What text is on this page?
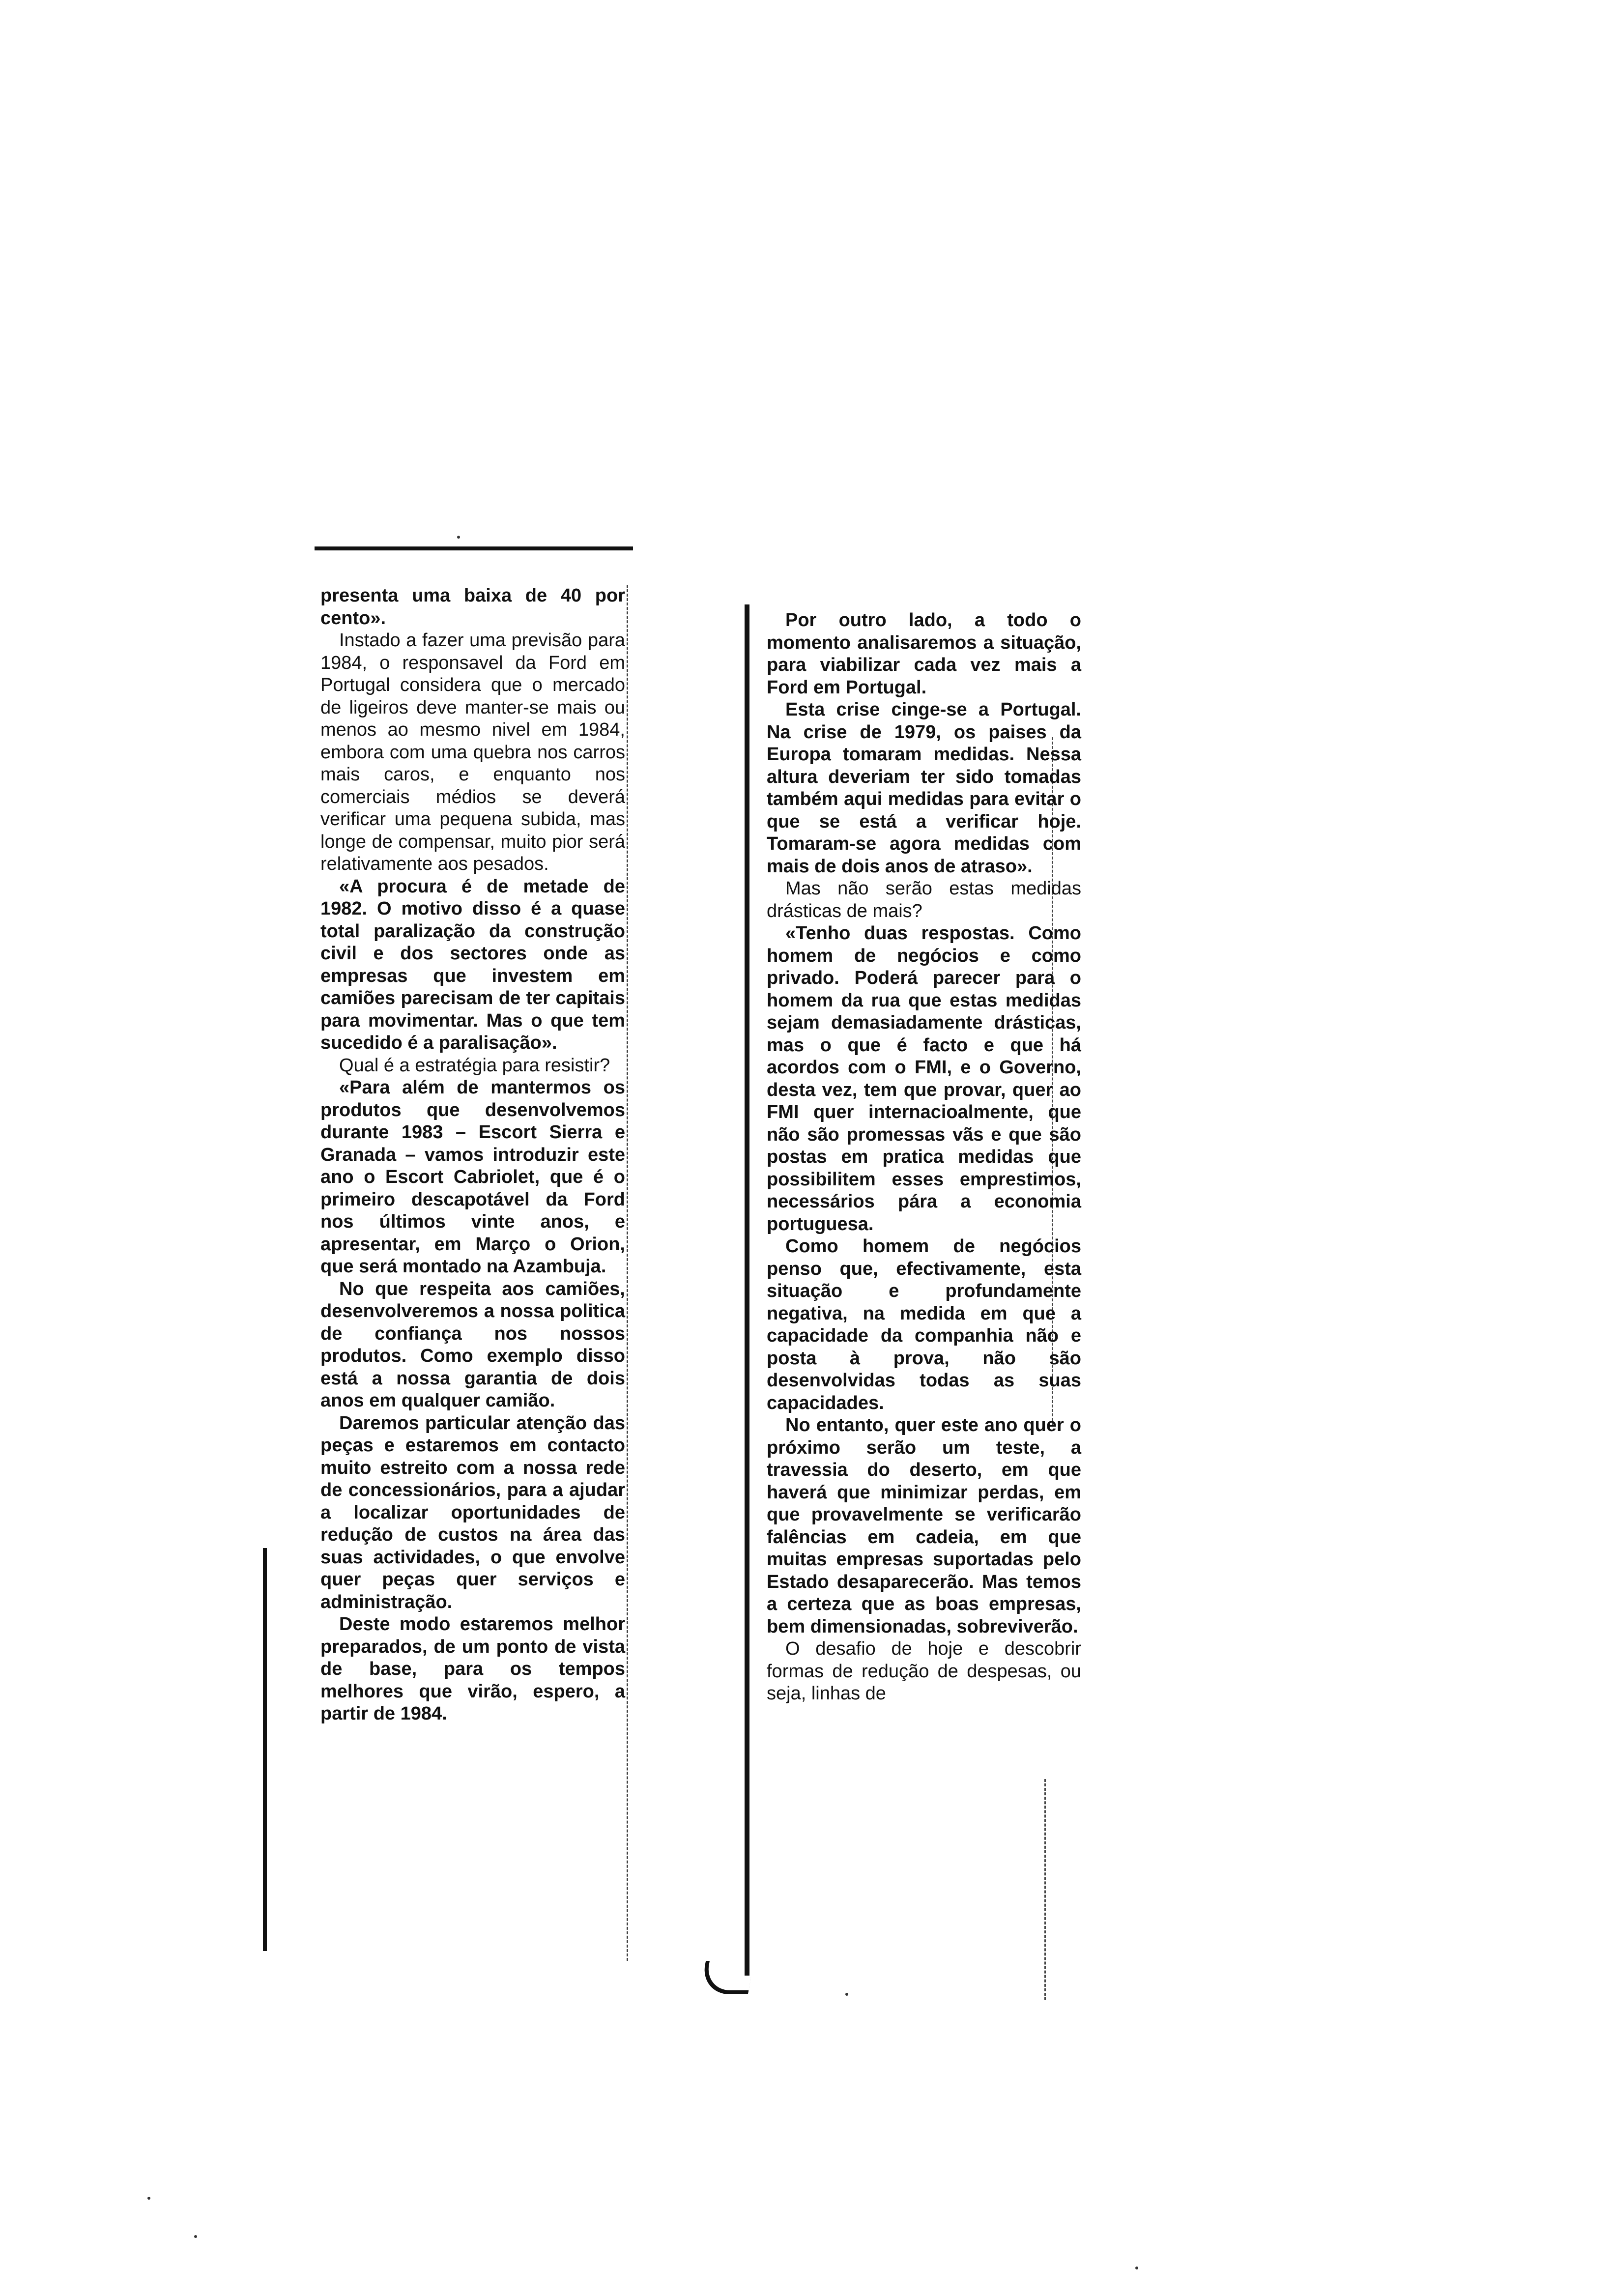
presenta uma baixa de 40 por cento».

Instado a fazer uma previsão para 1984, o responsavel da Ford em Portugal considera que o mercado de ligeiros deve manter-se mais ou menos ao mesmo nivel em 1984, embora com uma quebra nos carros mais caros, e enquanto nos comerciais médios se deverá verificar uma pequena subida, mas longe de compensar, muito pior será relativamente aos pesados.

«A procura é de metade de 1982. O motivo disso é a quase total paralização da construção civil e dos sectores onde as empresas que investem em camiões parecisam de ter capitais para movimentar. Mas o que tem sucedido é a paralisação».

Qual é a estratégia para resistir?

«Para além de mantermos os produtos que desenvolvemos durante 1983 – Escort Sierra e Granada – vamos introduzir este ano o Escort Cabriolet, que é o primeiro descapotável da Ford nos últimos vinte anos, e apresentar, em Março o Orion, que será montado na Azambuja.

No que respeita aos camiões, desenvolveremos a nossa politica de confiança nos nossos produtos. Como exemplo disso está a nossa garantia de dois anos em qualquer camião.

Daremos particular atenção das peças e estaremos em contacto muito estreito com a nossa rede de concessionários, para a ajudar a localizar oportunidades de redução de custos na área das suas actividades, o que envolve quer peças quer serviços e administração.

Deste modo estaremos melhor preparados, de um ponto de vista de base, para os tempos melhores que virão, espero, a partir de 1984.

Por outro lado, a todo o momento analisaremos a situação, para viabilizar cada vez mais a Ford em Portugal.

Esta crise cinge-se a Portugal. Na crise de 1979, os paises da Europa tomaram medidas. Nessa altura deveriam ter sido tomadas também aqui medidas para evitar o que se está a verificar hoje. Tomaram-se agora medidas com mais de dois anos de atraso».

Mas não serão estas medidas drásticas de mais?

«Tenho duas respostas. Como homem de negócios e como privado. Poderá parecer para o homem da rua que estas medidas sejam demasiadamente drásticas, mas o que é facto e que há acordos com o FMI, e o Governo, desta vez, tem que provar, quer ao FMI quer internacioalmente, que não são promessas vãs e que são postas em pratica medidas que possibilitem esses emprestimos, necessários pára a economia portuguesa.

Como homem de negócios penso que, efectivamente, esta situação e profundamente negativa, na medida em que a capacidade da companhia não e posta à prova, não são desenvolvidas todas as suas capacidades.

No entanto, quer este ano quer o próximo serão um teste, a travessia do deserto, em que haverá que minimizar perdas, em que provavelmente se verificarão falências em cadeia, em que muitas empresas suportadas pelo Estado desaparecerão. Mas temos a certeza que as boas empresas, bem dimensionadas, sobreviverão.

O desafio de hoje e descobrir formas de redução de despesas, ou seja, linhas de
